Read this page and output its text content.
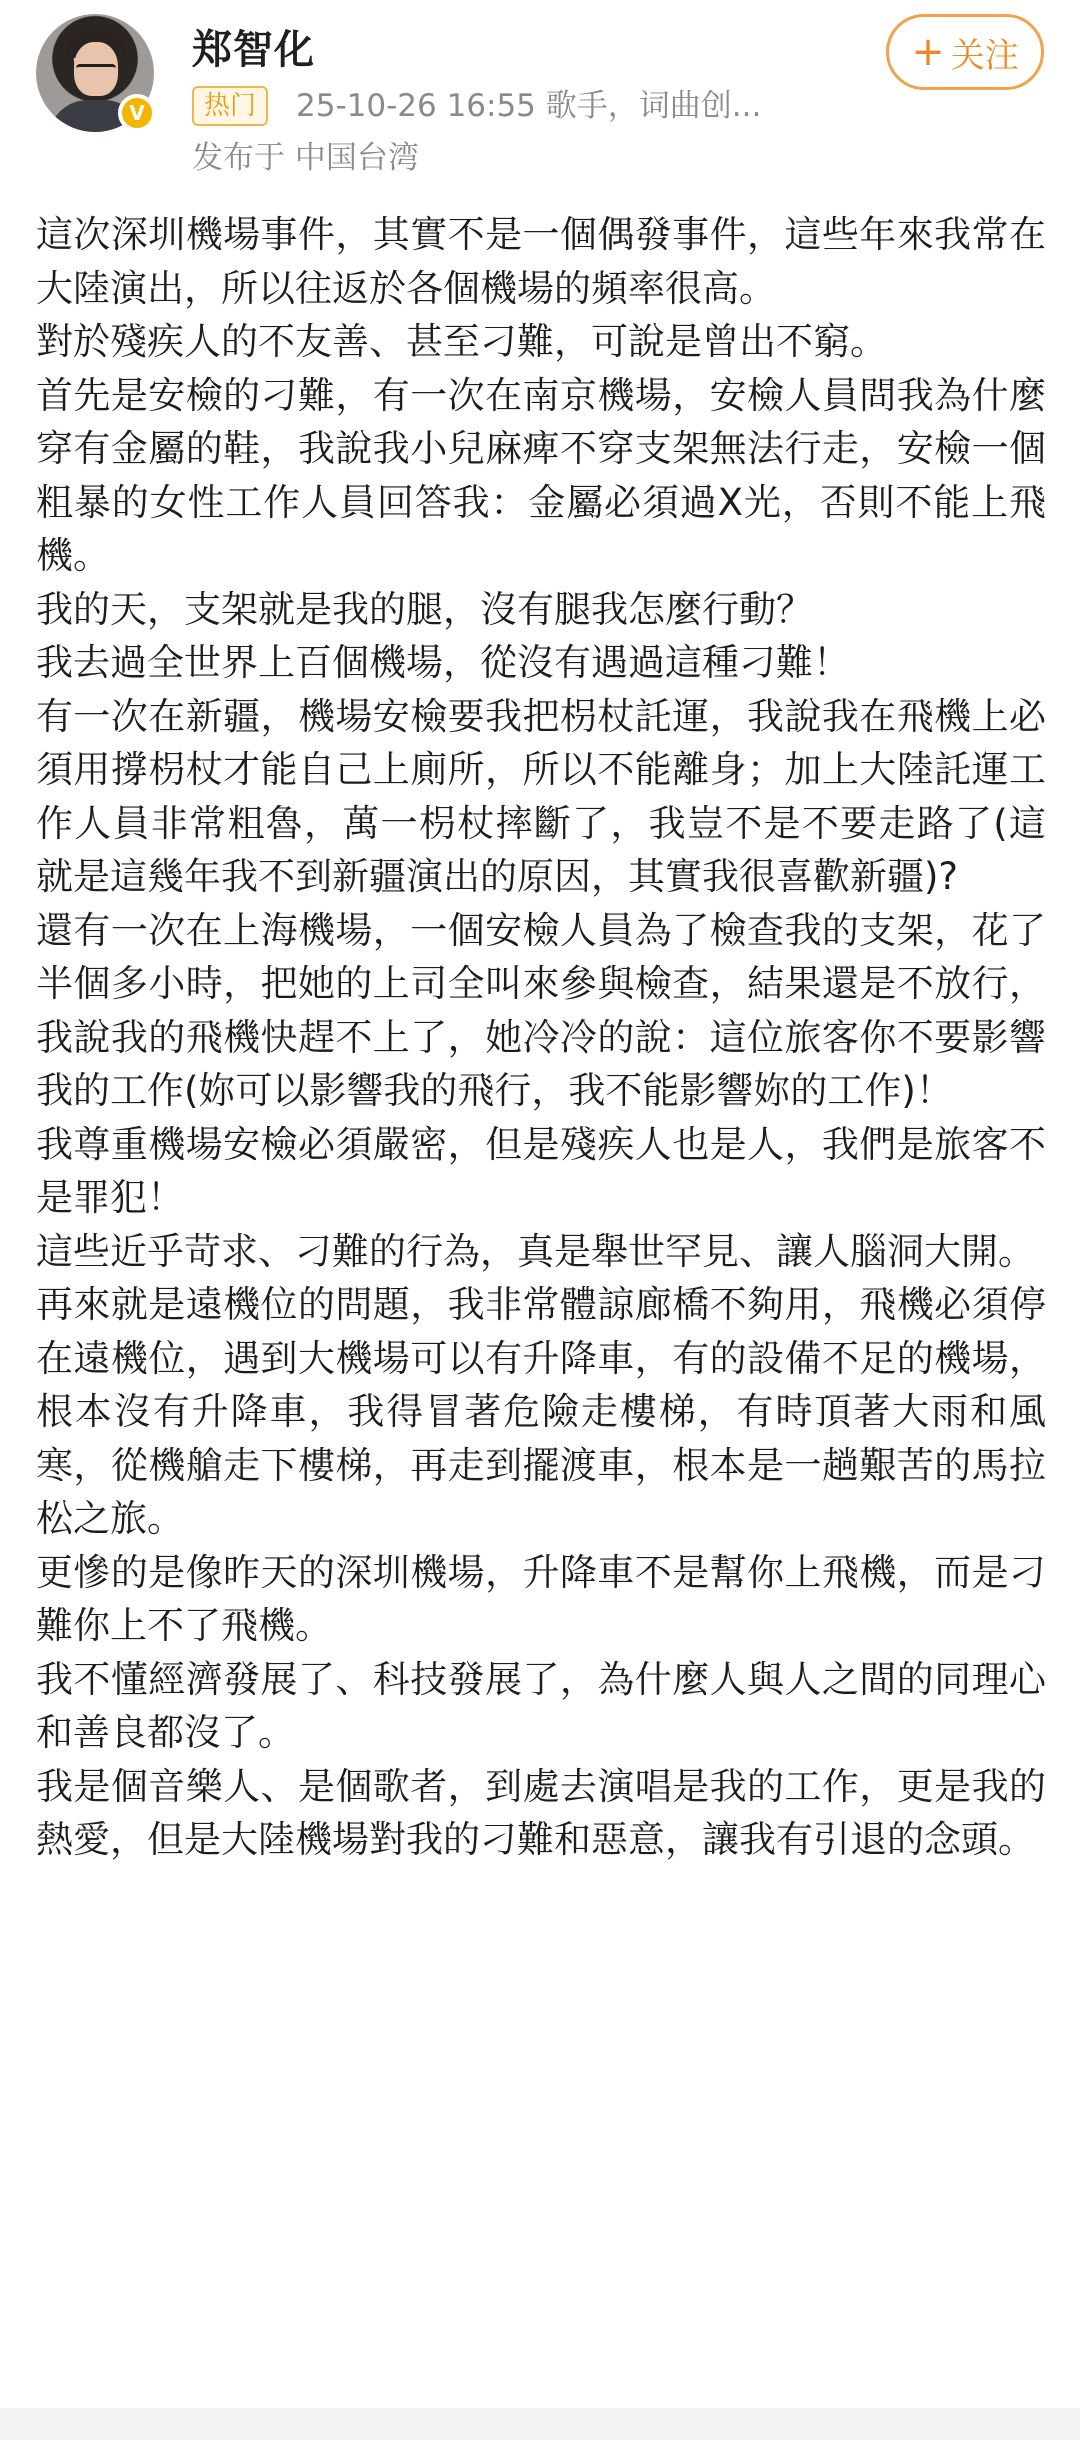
V
郑智化
热门	25-10-26 16:55 歌手，词曲创...
发布于 中国台湾
+ 关注

這次深圳機場事件，其實不是一個偶發事件，這些年來我常在大陸演出，所以往返於各個機場的頻率很高。

對於殘疾人的不友善、甚至刁難，可說是曾出不窮。

首先是安檢的刁難，有一次在南京機場，安檢人員問我為什麼穿有金屬的鞋，我說我小兒麻痺不穿支架無法行走，安檢一個粗暴的女性工作人員回答我：金屬必須過X光，否則不能上飛機。

我的天，支架就是我的腿，沒有腿我怎麼行動？

我去過全世界上百個機場，從沒有遇過這種刁難！

有一次在新疆，機場安檢要我把枴杖託運，我說我在飛機上必須用撐枴杖才能自己上廁所，所以不能離身；加上大陸託運工作人員非常粗魯，萬一枴杖摔斷了，我豈不是不要走路了(這就是這幾年我不到新疆演出的原因，其實我很喜歡新疆)?

還有一次在上海機場，一個安檢人員為了檢查我的支架，花了半個多小時，把她的上司全叫來參與檢查，結果還是不放行，我說我的飛機快趕不上了，她冷冷的說：這位旅客你不要影響我的工作(妳可以影響我的飛行，我不能影響妳的工作)！

我尊重機場安檢必須嚴密，但是殘疾人也是人，我們是旅客不是罪犯！

這些近乎苛求、刁難的行為，真是舉世罕見、讓人腦洞大開。

再來就是遠機位的問題，我非常體諒廊橋不夠用，飛機必須停在遠機位，遇到大機場可以有升降車，有的設備不足的機場，根本沒有升降車，我得冒著危險走樓梯，有時頂著大雨和風寒，從機艙走下樓梯，再走到擺渡車，根本是一趟艱苦的馬拉松之旅。

更慘的是像昨天的深圳機場，升降車不是幫你上飛機，而是刁難你上不了飛機。

我不懂經濟發展了、科技發展了，為什麼人與人之間的同理心和善良都沒了。

我是個音樂人、是個歌者，到處去演唱是我的工作，更是我的熱愛，但是大陸機場對我的刁難和惡意，讓我有引退的念頭。
